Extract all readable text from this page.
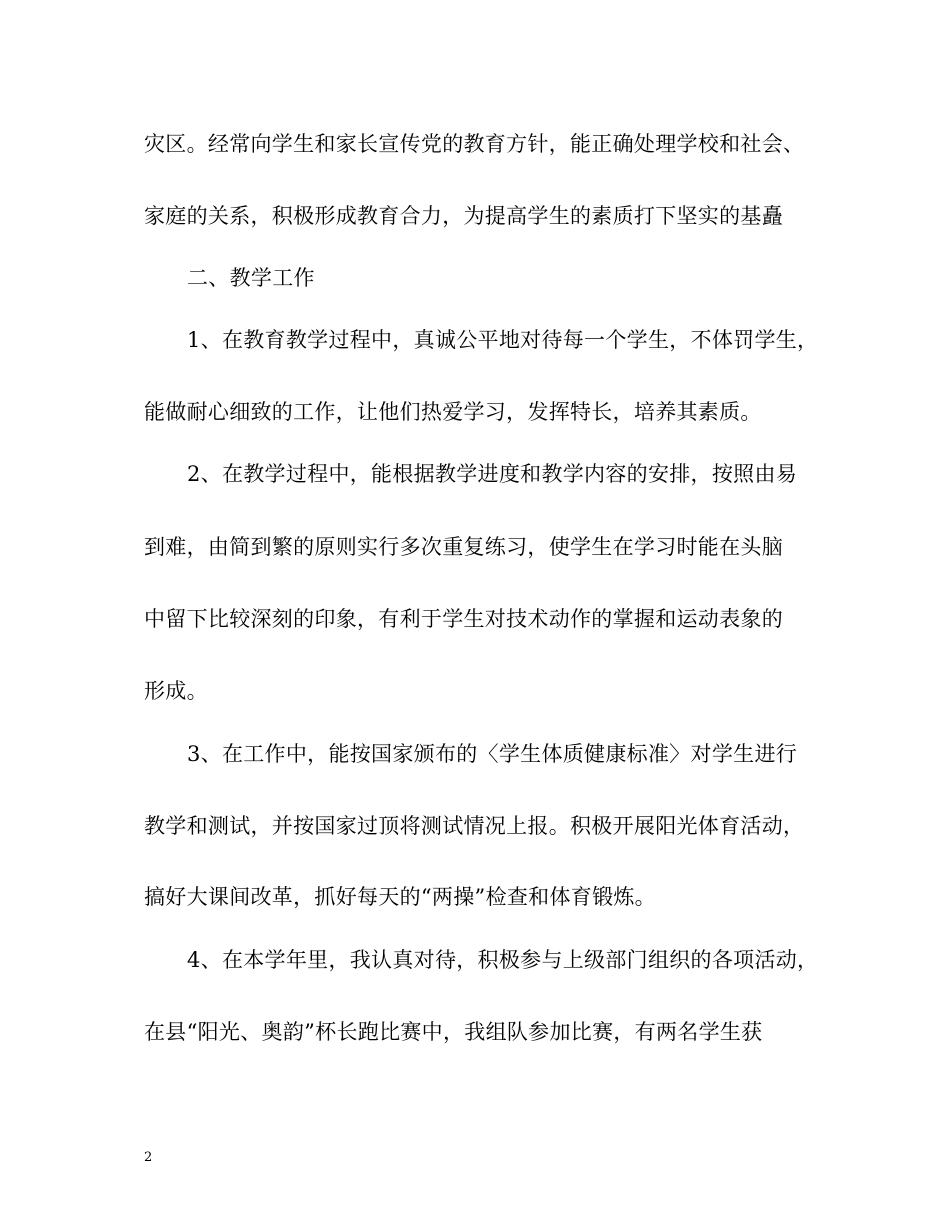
灾区。经常向学生和家长宣传党的教育方针，能正确处理学校和社会、
家庭的关系，积极形成教育合力，为提高学生的素质打下坚实的基矗
二、教学工作
1、在教育教学过程中，真诚公平地对待每一个学生，不体罚学生，
能做耐心细致的工作，让他们热爱学习，发挥特长，培养其素质。
2、在教学过程中，能根据教学进度和教学内容的安排，按照由易
到难，由简到繁的原则实行多次重复练习，使学生在学习时能在头脑
中留下比较深刻的印象，有利于学生对技术动作的掌握和运动表象的
形成。
3、在工作中，能按国家颁布的〈学生体质健康标准〉对学生进行
教学和测试，并按国家过顶将测试情况上报。积极开展阳光体育活动，
搞好大课间改革，抓好每天的“两操”检查和体育锻炼。
4、在本学年里，我认真对待，积极参与上级部门组织的各项活动，
在县“阳光、奥韵”杯长跑比赛中，我组队参加比赛，有两名学生获
2
